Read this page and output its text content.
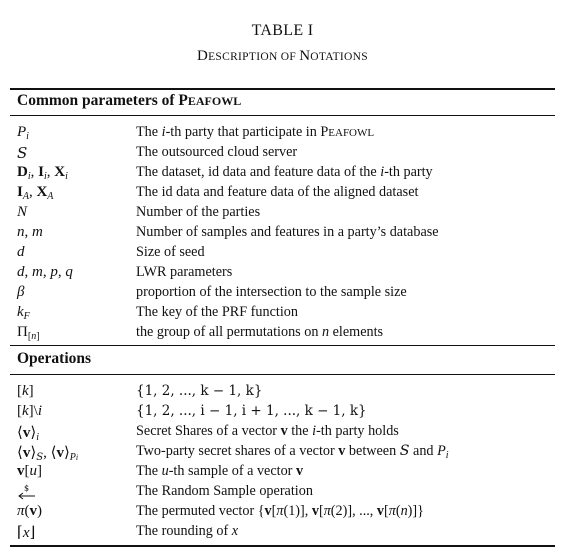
TABLE I
DESCRIPTION OF NOTATIONS
Common parameters of PEAFOWL
$P_i$	The i-th party that participate in PEAFOWL
S	The outsourced cloud server
$D_i$, $I_i$, $X_i$	The dataset, id data and feature data of the i-th party
$I_A$, $X_A$	The id data and feature data of the aligned dataset
N	Number of the parties
n, m	Number of samples and features in a party’s database
d	Size of seed
d, m, p, q	LWR parameters
β	proportion of the intersection to the sample size
$k_F$	The key of the PRF function
$\Pi_{[n]}$	the group of all permutations on n elements
Operations
[k]	{1, 2, ..., k − 1, k}
[k]\i	{1, 2, ..., i − 1, i + 1, ..., k − 1, k}
$⟨v⟩_i$	Secret Shares of a vector v the i-th party holds
$⟨v⟩_S$, $⟨v⟩_{Pi}$	Two-party secret shares of a vector v between S and $P_i$
v[u]	The u-th sample of a vector v
$	The Random Sample operation
π(v)	The permuted vector {v[π(1)], v[π(2)], ..., v[π(n)]}
⌈x⌋	The rounding of x
